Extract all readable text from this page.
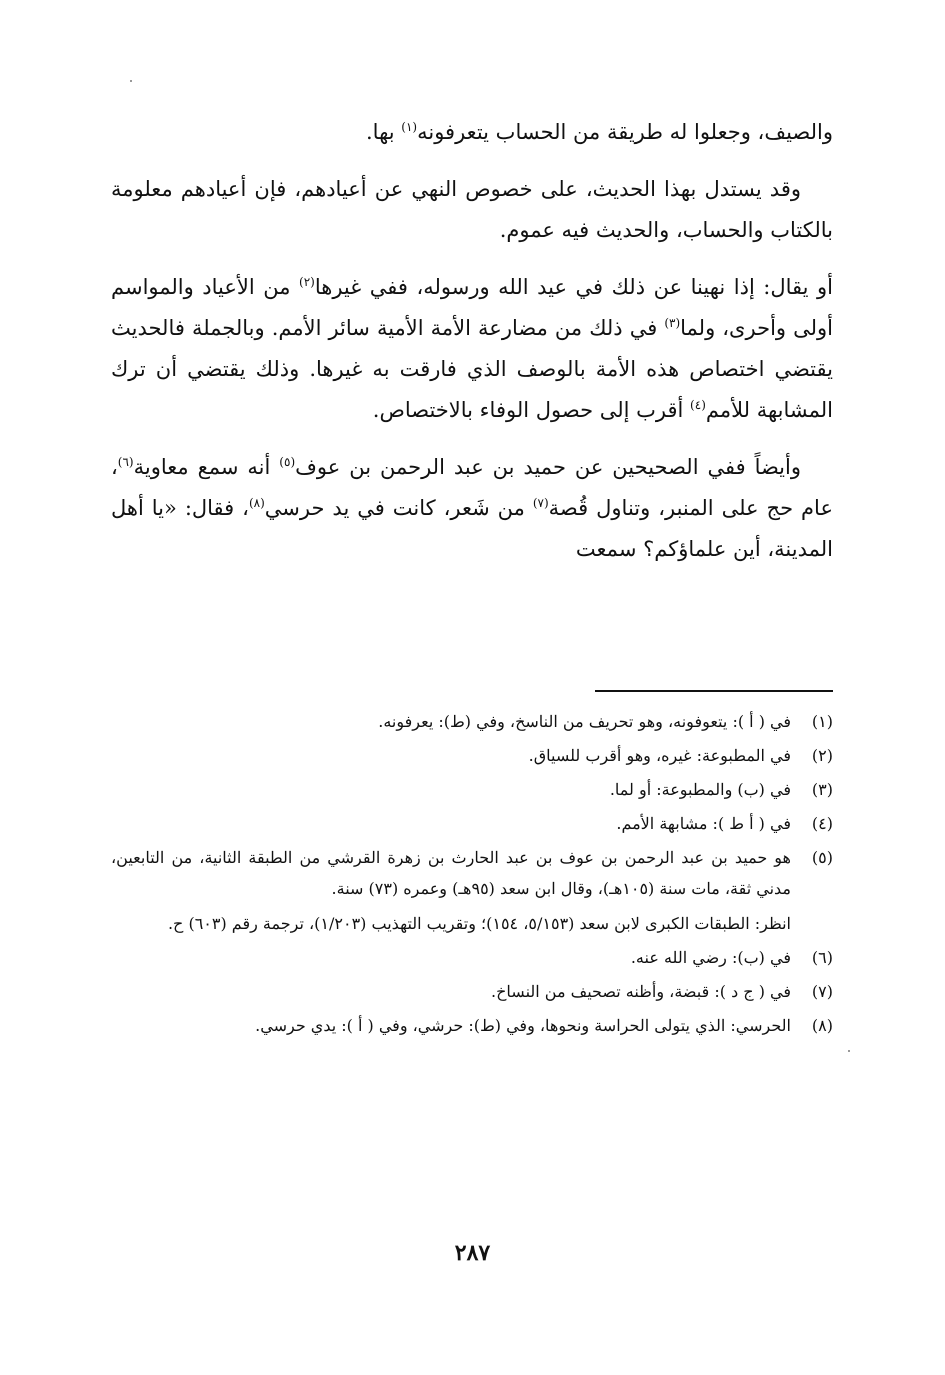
والصيف، وجعلوا له طريقة من الحساب يتعرفونه$^{(١)}$ بها.

وقد يستدل بهذا الحديث، على خصوص النهي عن أعيادهم، فإن أعيادهم معلومة بالكتاب والحساب، والحديث فيه عموم.

أو يقال: إذا نهينا عن ذلك في عيد الله ورسوله، ففي غيرها$^{(٢)}$ من الأعياد والمواسم أولى وأحرى، ولما$^{(٣)}$ في ذلك من مضارعة الأمة الأمية سائر الأمم. وبالجملة فالحديث يقتضي اختصاص هذه الأمة بالوصف الذي فارقت به غيرها. وذلك يقتضي أن ترك المشابهة للأمم$^{(٤)}$ أقرب إلى حصول الوفاء بالاختصاص.

وأيضاً ففي الصحيحين عن حميد بن عبد الرحمن بن عوف$^{(٥)}$ أنه سمع معاوية$^{(٦)}$، عام حج على المنبر، وتناول قُصة$^{(٧)}$ من شَعر، كانت في يد حرسي$^{(٨)}$، فقال: «يا أهل المدينة، أين علماؤكم؟ سمعت

(١)
في ( أ ): يتعوفونه، وهو تحريف من الناسخ، وفي (ط): يعرفونه.
(٢)
في المطبوعة: غيره، وهو أقرب للسياق.
(٣)
في (ب) والمطبوعة: أو لما.
(٤)
في ( أ ط ): مشابهة الأمم.
(٥)
هو حميد بن عبد الرحمن بن عوف بن عبد الحارث بن زهرة القرشي من الطبقة الثانية، من التابعين، مدني ثقة، مات سنة (١٠٥هـ)، وقال ابن سعد (٩٥هـ) وعمره (٧٣) سنة.
انظر: الطبقات الكبرى لابن سعد (٥/١٥٣، ١٥٤)؛ وتقريب التهذيب (١/٢٠٣)، ترجمة رقم (٦٠٣) ح.
(٦)
في (ب): رضي الله عنه.
(٧)
في ( ج د ): قبضة، وأظنه تصحيف من النساخ.
(٨)
الحرسي: الذي يتولى الحراسة ونحوها، وفي (ط): حرشي، وفي ( أ ): يدي حرسي.
٢٨٧
